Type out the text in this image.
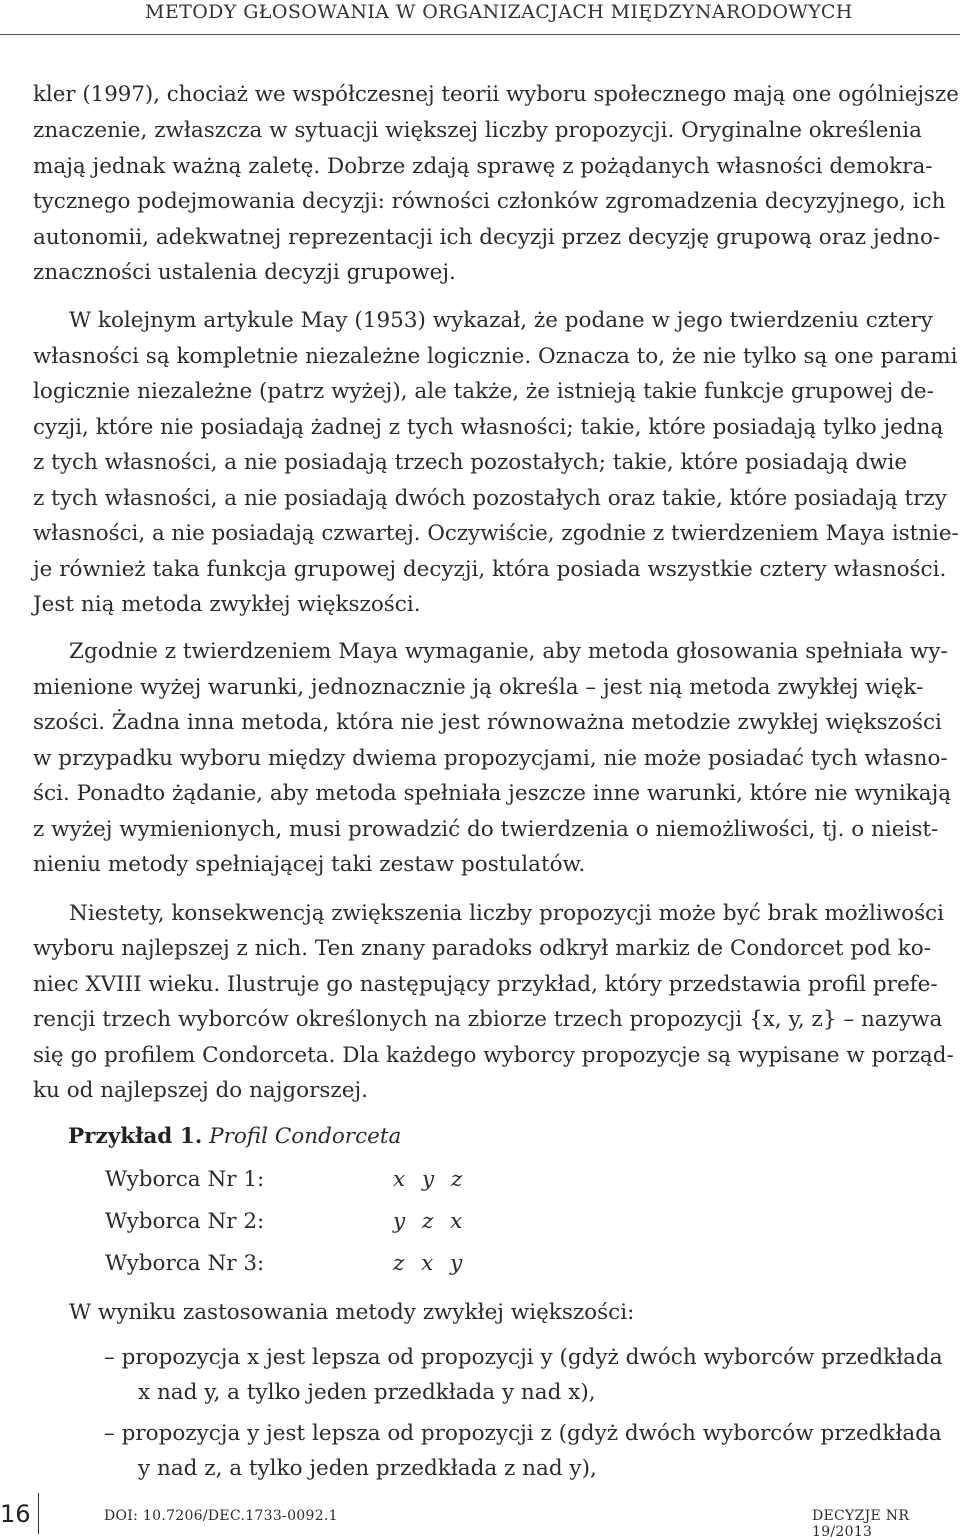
METODY GŁOSOWANIA W ORGANIZACJACH MIĘDZYNARODOWYCH
kler (1997), chociaż we współczesnej teorii wyboru społecznego mają one ogólniejsze
znaczenie, zwłaszcza w sytuacji większej liczby propozycji. Oryginalne określenia
mają jednak ważną zaletę. Dobrze zdają sprawę z pożądanych własności demokra-
tycznego podejmowania decyzji: równości członków zgromadzenia decyzyjnego, ich
autonomii, adekwatnej reprezentacji ich decyzji przez decyzję grupową oraz jedno-
znaczności ustalenia decyzji grupowej.
W kolejnym artykule May (1953) wykazał, że podane w jego twierdzeniu cztery
własności są kompletnie niezależne logicznie. Oznacza to, że nie tylko są one parami
logicznie niezależne (patrz wyżej), ale także, że istnieją takie funkcje grupowej de-
cyzji, które nie posiadają żadnej z tych własności; takie, które posiadają tylko jedną
z tych własności, a nie posiadają trzech pozostałych; takie, które posiadają dwie
z tych własności, a nie posiadają dwóch pozostałych oraz takie, które posiadają trzy
własności, a nie posiadają czwartej. Oczywiście, zgodnie z twierdzeniem Maya istnie-
je również taka funkcja grupowej decyzji, która posiada wszystkie cztery własności.
Jest nią metoda zwykłej większości.
Zgodnie z twierdzeniem Maya wymaganie, aby metoda głosowania spełniała wy-
mienione wyżej warunki, jednoznacznie ją określa – jest nią metoda zwykłej więk-
szości. Żadna inna metoda, która nie jest równoważna metodzie zwykłej większości
w przypadku wyboru między dwiema propozycjami, nie może posiadać tych własno-
ści. Ponadto żądanie, aby metoda spełniała jeszcze inne warunki, które nie wynikają
z wyżej wymienionych, musi prowadzić do twierdzenia o niemożliwości, tj. o nieist-
nieniu metody spełniającej taki zestaw postulatów.
Niestety, konsekwencją zwiększenia liczby propozycji może być brak możliwości
wyboru najlepszej z nich. Ten znany paradoks odkrył markiz de Condorcet pod ko-
niec XVIII wieku. Ilustruje go następujący przykład, który przedstawia profil prefe-
rencji trzech wyborców określonych na zbiorze trzech propozycji {x, y, z} – nazywa
się go profilem Condorceta. Dla każdego wyborcy propozycje są wypisane w porząd-
ku od najlepszej do najgorszej.
Przykład 1. Profil Condorceta
Wyborca Nr 1:	x y z
Wyborca Nr 2:	y z x
Wyborca Nr 3:	z x y
W wyniku zastosowania metody zwykłej większości:
– propozycja x jest lepsza od propozycji y (gdyż dwóch wyborców przedkłada
x nad y, a tylko jeden przedkłada y nad x),
– propozycja y jest lepsza od propozycji z (gdyż dwóch wyborców przedkłada
y nad z, a tylko jeden przedkłada z nad y),
16	DOI: 10.7206/DEC.1733-0092.1	DECYZJE NR 19/2013
